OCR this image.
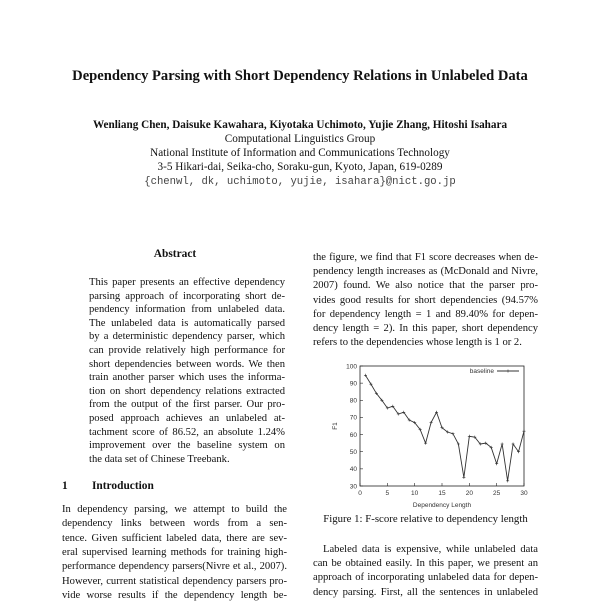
Dependency Parsing with Short Dependency Relations in Unlabeled Data
Wenliang Chen, Daisuke Kawahara, Kiyotaka Uchimoto, Yujie Zhang, Hitoshi Isahara
Computational Linguistics Group
National Institute of Information and Communications Technology
3-5 Hikari-dai, Seika-cho, Soraku-gun, Kyoto, Japan, 619-0289
{chenwl, dk, uchimoto, yujie, isahara}@nict.go.jp
Abstract
This paper presents an effective dependency
parsing approach of incorporating short de-
pendency information from unlabeled data.
The unlabeled data is automatically parsed
by a deterministic dependency parser, which
can provide relatively high performance for
short dependencies between words. We then
train another parser which uses the informa-
tion on short dependency relations extracted
from the output of the first parser. Our pro-
posed approach achieves an unlabeled at-
tachment score of 86.52, an absolute 1.24%
improvement over the baseline system on
the data set of Chinese Treebank.
1 Introduction
In dependency parsing, we attempt to build the
dependency links between words from a sen-
tence. Given sufficient labeled data, there are sev-
eral supervised learning methods for training high-
performance dependency parsers(Nivre et al., 2007).
However, current statistical dependency parsers pro-
vide worse results if the dependency length be-
the figure, we find that F1 score decreases when de-
pendency length increases as (McDonald and Nivre,
2007) found. We also notice that the parser pro-
vides good results for short dependencies (94.57%
for dependency length = 1 and 89.40% for depen-
dency length = 2). In this paper, short dependency
refers to the dependencies whose length is 1 or 2.
0	5	10	15	20	25	30
30
40
50
60
70
80
90
100
Dependency Length
F1
baseline
Figure 1: F-score relative to dependency length
Labeled data is expensive, while unlabeled data
can be obtained easily. In this paper, we present an
approach of incorporating unlabeled data for depen-
dency parsing. First, all the sentences in unlabeled
